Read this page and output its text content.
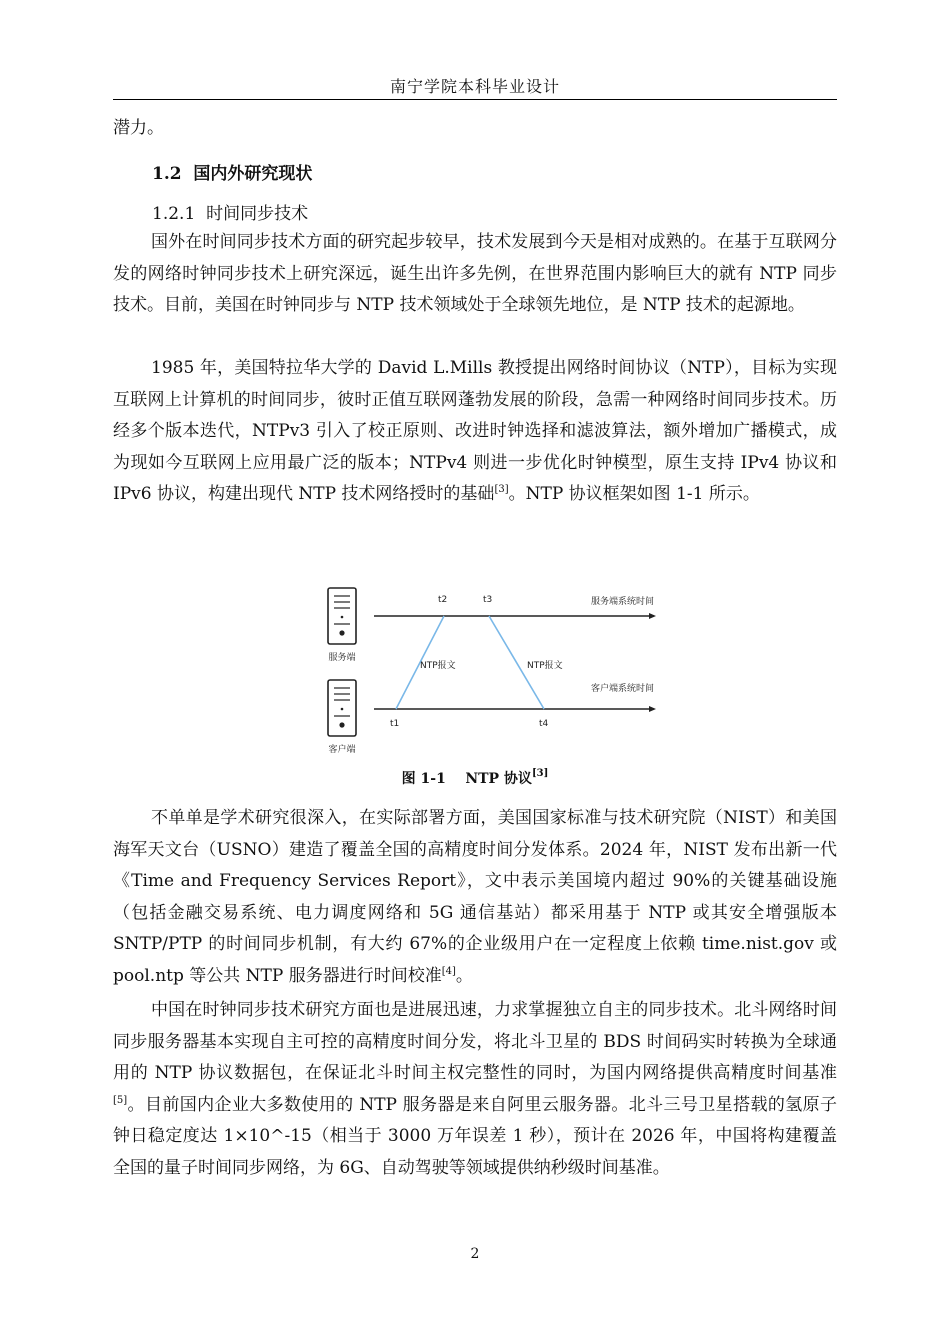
南宁学院本科毕业设计

潜力。

1.2 国内外研究现状
1.2.1 时间同步技术

国外在时间同步技术方面的研究起步较早，技术发展到今天是相对成熟的。在基于互联网分发的网络时钟同步技术上研究深远，诞生出许多先例，在世界范围内影响巨大的就有 NTP 同步技术。目前，美国在时钟同步与 NTP 技术领域处于全球领先地位，是 NTP 技术的起源地。

1985 年，美国特拉华大学的 David L.Mills 教授提出网络时间协议（NTP），目标为实现互联网上计算机的时间同步，彼时正值互联网蓬勃发展的阶段，急需一种网络时间同步技术。历经多个版本迭代，NTPv3 引入了校正原则、改进时钟选择和滤波算法，额外增加广播模式，成为现如今互联网上应用最广泛的版本；NTPv4 则进一步优化时钟模型，原生支持 IPv4 协议和 IPv6 协议，构建出现代 NTP 技术网络授时的基础[3]。NTP 协议框架如图 1-1 所示。

服务端
客户端
服务端系统时间
客户端系统时间
NTP报文	NTP报文
t2	t3
t1	t4
图 1-1 NTP 协议[3]

不单单是学术研究很深入，在实际部署方面，美国国家标准与技术研究院（NIST）和美国海军天文台（USNO）建造了覆盖全国的高精度时间分发体系。2024 年，NIST 发布出新一代《Time and Frequency Services Report》，文中表示美国境内超过 90%的关键基础设施（包括金融交易系统、电力调度网络和 5G 通信基站）都采用基于 NTP 或其安全增强版本 SNTP/PTP 的时间同步机制，有大约 67%的企业级用户在一定程度上依赖 time.nist.gov 或 pool.ntp 等公共 NTP 服务器进行时间校准[4]。

中国在时钟同步技术研究方面也是进展迅速，力求掌握独立自主的同步技术。北斗网络时间同步服务器基本实现自主可控的高精度时间分发，将北斗卫星的 BDS 时间码实时转换为全球通用的 NTP 协议数据包，在保证北斗时间主权完整性的同时，为国内网络提供高精度时间基准[5]。目前国内企业大多数使用的 NTP 服务器是来自阿里云服务器。北斗三号卫星搭载的氢原子钟日稳定度达 1×10^-15（相当于 3000 万年误差 1 秒），预计在 2026 年，中国将构建覆盖全国的量子时间同步网络，为 6G、自动驾驶等领域提供纳秒级时间基准。

2
